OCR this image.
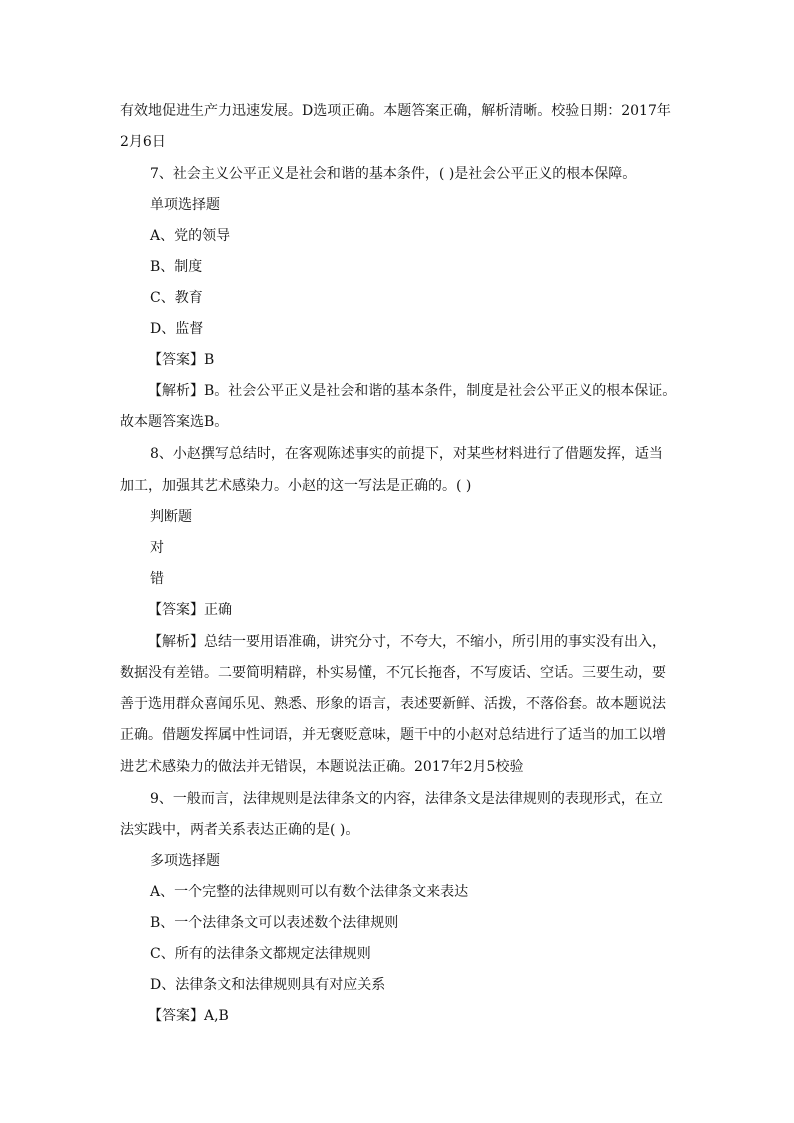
有效地促进生产力迅速发展。D选项正确。本题答案正确，解析清晰。校验日期：2017年
2月6日
7、社会主义公平正义是社会和谐的基本条件，( )是社会公平正义的根本保障。
单项选择题
A、党的领导
B、制度
C、教育
D、监督
【答案】B
【解析】B。社会公平正义是社会和谐的基本条件，制度是社会公平正义的根本保证。
故本题答案选B。
8、小赵撰写总结时，在客观陈述事实的前提下，对某些材料进行了借题发挥，适当
加工，加强其艺术感染力。小赵的这一写法是正确的。( )
判断题
对
错
【答案】正确
【解析】总结一要用语准确，讲究分寸，不夸大，不缩小，所引用的事实没有出入，
数据没有差错。二要简明精辟，朴实易懂，不冗长拖沓，不写废话、空话。三要生动，要
善于选用群众喜闻乐见、熟悉、形象的语言，表述要新鲜、活拨，不落俗套。故本题说法
正确。借题发挥属中性词语，并无褒贬意味，题干中的小赵对总结进行了适当的加工以增
进艺术感染力的做法并无错误，本题说法正确。2017年2月5校验
9、一般而言，法律规则是法律条文的内容，法律条文是法律规则的表现形式，在立
法实践中，两者关系表达正确的是( )。
多项选择题
A、一个完整的法律规则可以有数个法律条文来表达
B、一个法律条文可以表述数个法律规则
C、所有的法律条文都规定法律规则
D、法律条文和法律规则具有对应关系
【答案】A,B
